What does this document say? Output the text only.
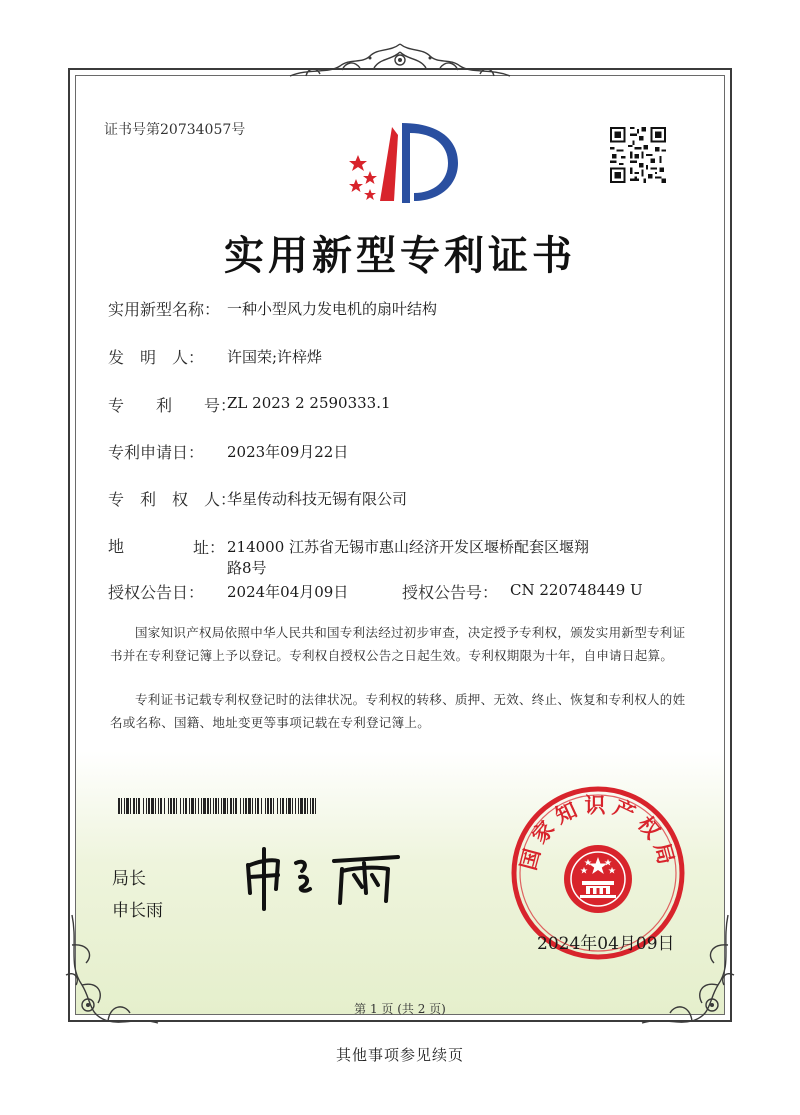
证书号第20734057号
实用新型专利证书
实用新型名称： 一种小型风力发电机的扇叶结构
发　明　人： 许国荣;许梓烨
专　　利　　号：
ZL 2023 2 2590333.1
专利申请日： 2023年09月22日
专　利　权　人：
华星传动科技无锡有限公司
地	址： 214000 江苏省无锡市惠山经济开发区堰桥配套区堰翔
路8号
授权公告日： 2024年04月09日	授权公告号： CN 220748449 U
国家知识产权局依照中华人民共和国专利法经过初步审查，决定授予专利权，颁发实用新型专利证书并在专利登记簿上予以登记。专利权自授权公告之日起生效。专利权期限为十年，自申请日起算。
专利证书记载专利权登记时的法律状况。专利权的转移、质押、无效、终止、恢复和专利权人的姓名或名称、国籍、地址变更等事项记载在专利登记簿上。
局长
申长雨
国家知识产权局
2024年04月09日
第 1 页 (共 2 页)
其他事项参见续页
